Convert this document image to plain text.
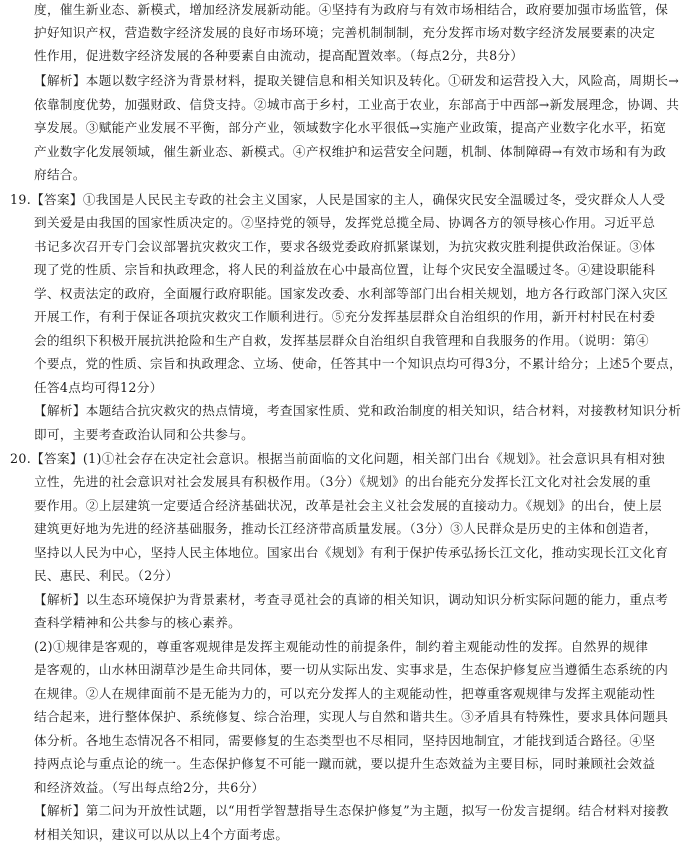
度，催生新业态、新模式，增加经济发展新动能。④坚持有为政府与有效市场相结合，政府要加强市场监管，保
护好知识产权，营造数字经济发展的良好市场环境；完善机制制制，充分发挥市场对数字经济发展要素的决定
性作用，促进数字经济发展的各种要素自由流动，提高配置效率。（每点2分，共8分）
【解析】本题以数字经济为背景材料，提取关键信息和相关知识及转化。①研发和运营投入大，风险高，周期长→
依靠制度优势，加强财政、信贷支持。②城市高于乡村，工业高于农业，东部高于中西部→新发展理念，协调、共
享发展。③赋能产业发展不平衡，部分产业，领域数字化水平很低→实施产业政策，提高产业数字化水平，拓宽
产业数字化发展领域，催生新业态、新模式。④产权维护和运营安全问题，机制、体制障碍→有效市场和有为政
府结合。
19.【答案】①我国是人民民主专政的社会主义国家，人民是国家的主人，确保灾民安全温暖过冬，受灾群众人人受
到关爱是由我国的国家性质决定的。②坚持党的领导，发挥党总揽全局、协调各方的领导核心作用。习近平总
书记多次召开专门会议部署抗灾救灾工作，要求各级党委政府抓紧谋划，为抗灾救灾胜利提供政治保证。③体
现了党的性质、宗旨和执政理念，将人民的利益放在心中最高位置，让每个灾民安全温暖过冬。④建设职能科
学、权责法定的政府，全面履行政府职能。国家发改委、水利部等部门出台相关规划，地方各行政部门深入灾区
开展工作，有利于保证各项抗灾救灾工作顺利进行。⑤充分发挥基层群众自治组织的作用，新开村村民在村委
会的组织下积极开展抗洪抢险和生产自救，发挥基层群众自治组织自我管理和自我服务的作用。（说明：第④
个要点，党的性质、宗旨和执政理念、立场、使命，任答其中一个知识点均可得3分，不累计给分；上述5个要点，
任答4点均可得12分）
【解析】本题结合抗灾救灾的热点情境，考查国家性质、党和政治制度的相关知识，结合材料，对接教材知识分析
即可，主要考查政治认同和公共参与。
20.【答案】(1)①社会存在决定社会意识。根据当前面临的文化问题，相关部门出台《规划》。社会意识具有相对独
立性，先进的社会意识对社会发展具有积极作用。（3分）《规划》的出台能充分发挥长江文化对社会发展的重
要作用。②上层建筑一定要适合经济基础状况，改革是社会主义社会发展的直接动力。《规划》的出台，使上层
建筑更好地为先进的经济基础服务，推动长江经济带高质量发展。（3分）③人民群众是历史的主体和创造者，
坚持以人民为中心，坚持人民主体地位。国家出台《规划》有利于保护传承弘扬长江文化，推动实现长江文化育
民、惠民、利民。（2分）
【解析】以生态环境保护为背景素材，考查寻觅社会的真谛的相关知识，调动知识分析实际问题的能力，重点考
查科学精神和公共参与的核心素养。
(2)①规律是客观的，尊重客观规律是发挥主观能动性的前提条件，制约着主观能动性的发挥。自然界的规律
是客观的，山水林田湖草沙是生命共同体，要一切从实际出发、实事求是，生态保护修复应当遵循生态系统的内
在规律。②人在规律面前不是无能为力的，可以充分发挥人的主观能动性，把尊重客观规律与发挥主观能动性
结合起来，进行整体保护、系统修复、综合治理，实现人与自然和谐共生。③矛盾具有特殊性，要求具体问题具
体分析。各地生态情况各不相同，需要修复的生态类型也不尽相同，坚持因地制宜，才能找到适合路径。④坚
持两点论与重点论的统一。生态保护修复不可能一蹴而就，要以提升生态效益为主要目标，同时兼顾社会效益
和经济效益。（写出每点给2分，共6分）
【解析】第二问为开放性试题，以“用哲学智慧指导生态保护修复”为主题，拟写一份发言提纲。结合材料对接教
材相关知识，建议可以从以上4个方面考虑。
